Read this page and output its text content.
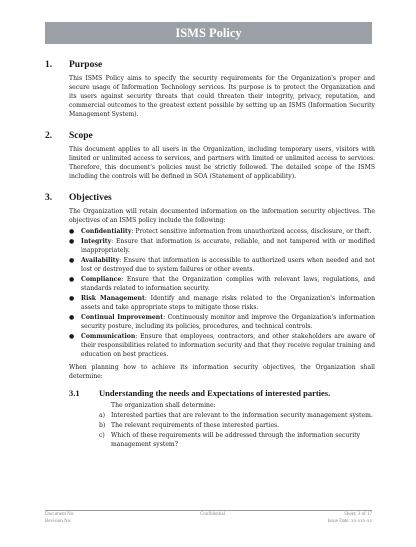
ISMS Policy
1. Purpose

This ISMS Policy aims to specify the security requirements for the Organization's proper and secure usage of Information Technology services. Its purpose is to protect the Organization and its users against security threats that could threaten their integrity, privacy, reputation, and commercial outcomes to the greatest extent possible by setting up an ISMS (Information Security Management System).

2. Scope

This document applies to all users in the Organization, including temporary users, visitors with limited or unlimited access to services, and partners with limited or unlimited access to services. Therefore, this document's policies must be strictly followed. The detailed scope of the ISMS including the controls will be defined in SOA (Statement of applicability).

3. Objectives

The Organization will retain documented information on the information security objectives. The objectives of an ISMS policy include the following:

● Confidentiality: Protect sensitive information from unauthorized access, disclosure, or theft.
● Integrity: Ensure that information is accurate, reliable, and not tampered with or modified inappropriately.
● Availability: Ensure that information is accessible to authorized users when needed and not lost or destroyed due to system failures or other events.
● Compliance: Ensure that the Organization complies with relevant laws, regulations, and standards related to information security.
● Risk Management: Identify and manage risks related to the Organization's information assets and take appropriate steps to mitigate those risks.
● Continual Improvement: Continuously monitor and improve the Organization's information security posture, including its policies, procedures, and technical controls.
● Communication: Ensure that employees, contractors, and other stakeholders are aware of their responsibilities related to information security and that they receive regular training and education on best practices.

When planning how to achieve its information security objectives, the Organization shall determine:

3.1 Understanding the needs and Expectations of interested parties.
The organization shall determine:
a) Interested parties that are relevant to the information security management system.
b) The relevant requirements of these interested parties.
c) Which of these requirements will be addressed through the information security management system?
Document No:	Confidential	Sheet: 3 of 17
Revision No:	Issue Date: xx-xxx-xx
